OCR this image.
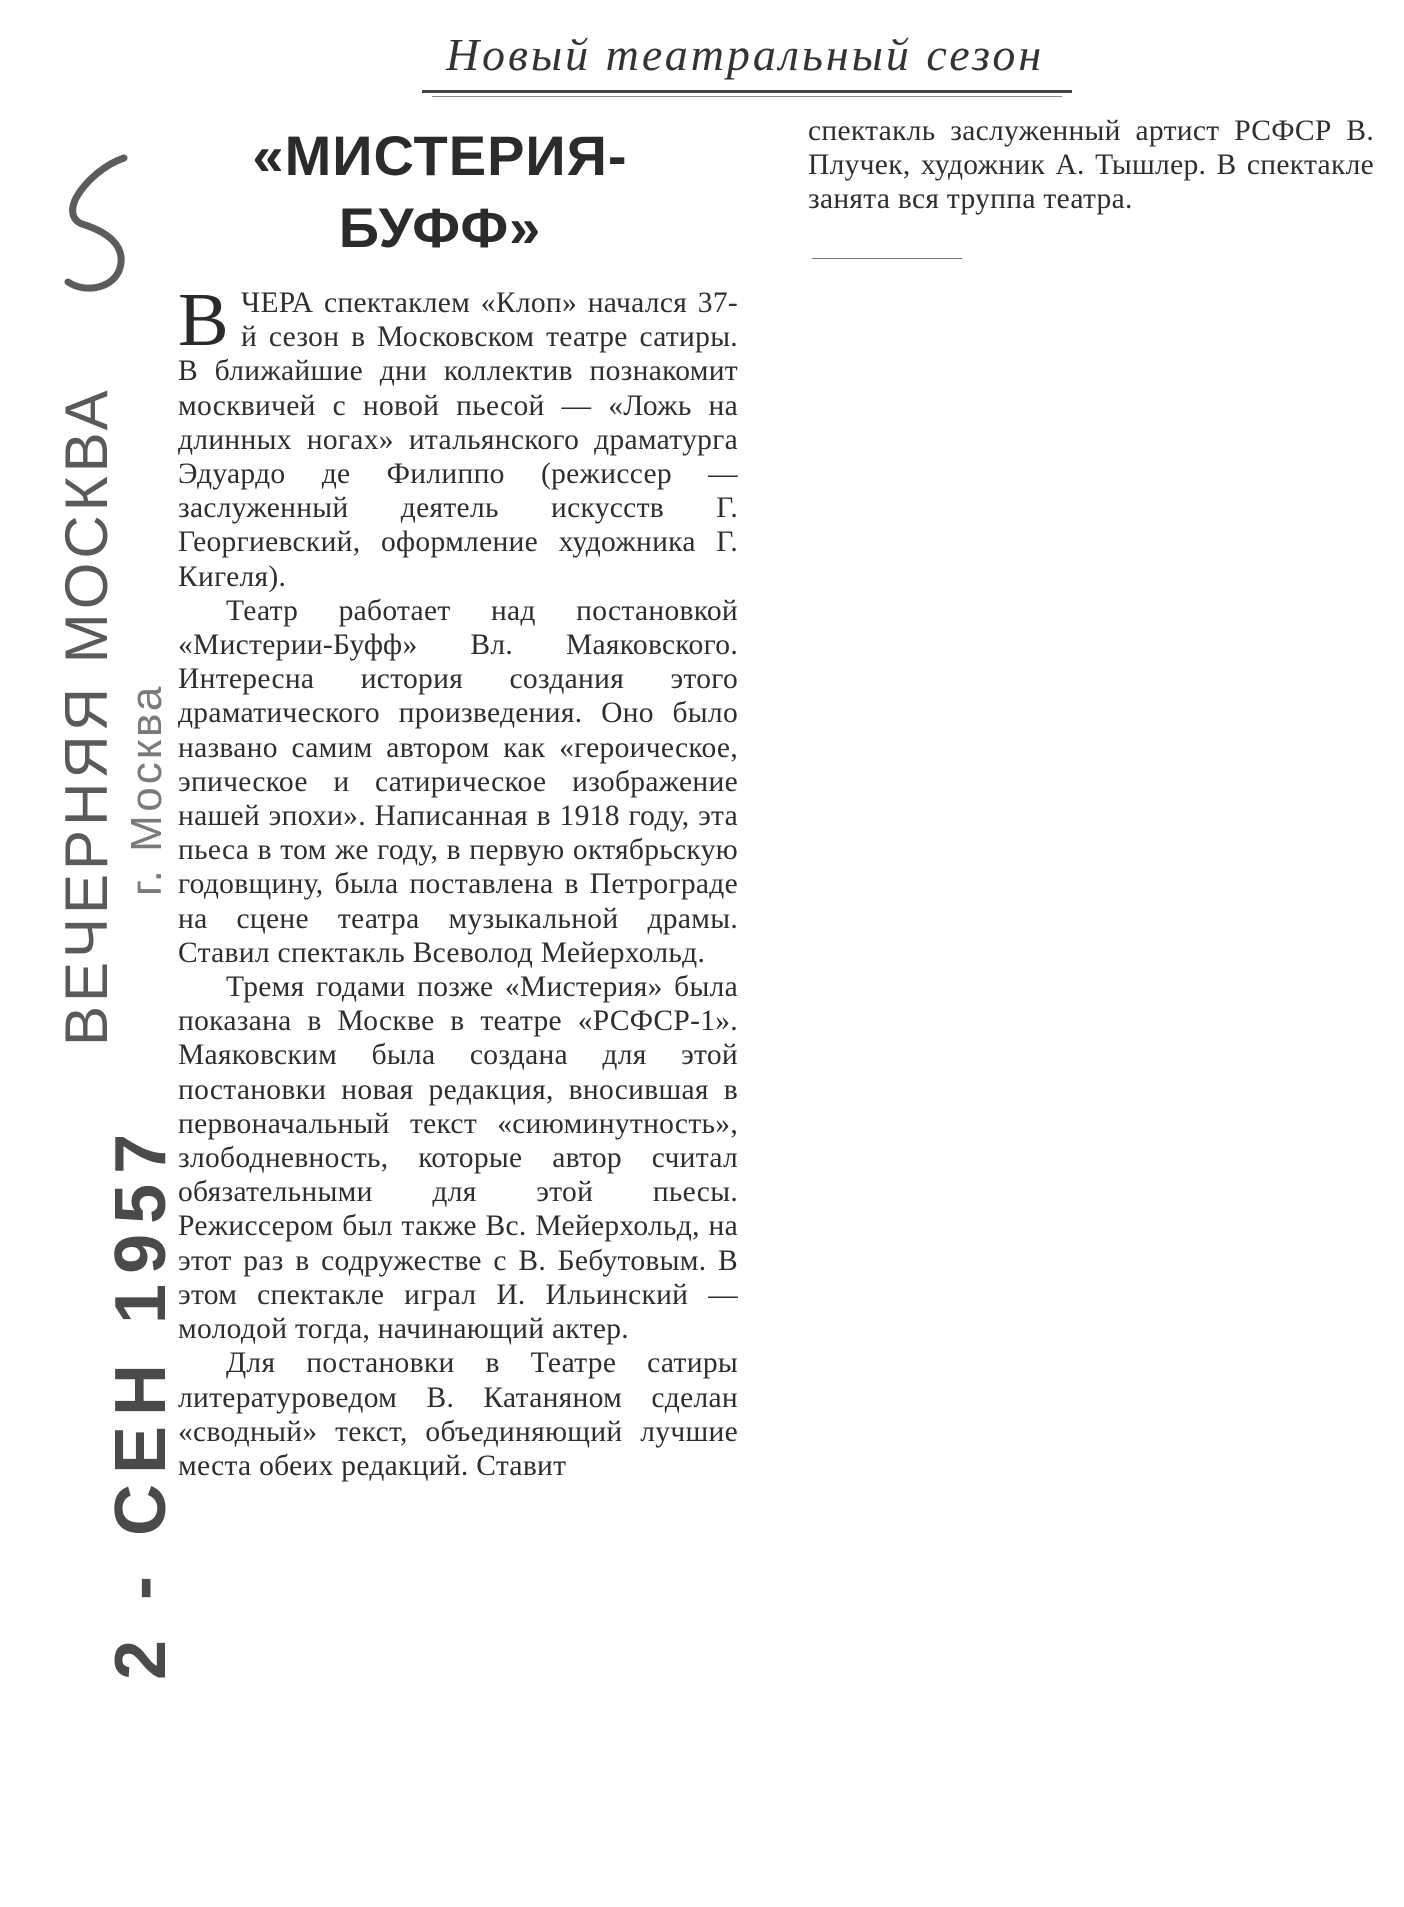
Новый театральный сезон
«МИСТЕРИЯ-
БУФФ»
ВЕЧЕРНЯЯ МОСКВА г. Москва
2 - СЕН 1957

ВЧЕРА спектаклем «Клоп» начался 37-й сезон в Московском театре сатиры. В ближайшие дни коллектив познакомит москвичей с новой пьесой — «Ложь на длинных ногах» итальянского драматурга Эдуардо де Филиппо (режиссер — заслуженный деятель искусств Г. Георгиевский, оформление художника Г. Кигеля).

Театр работает над постановкой «Мистерии-Буфф» Вл. Маяковского. Интересна история создания этого драматического произведения. Оно было названо самим автором как «героическое, эпическое и сатирическое изображение нашей эпохи». Написанная в 1918 году, эта пьеса в том же году, в первую октябрьскую годовщину, была поставлена в Петрограде на сцене театра музыкальной драмы. Ставил спектакль Всеволод Мейерхольд.

Тремя годами позже «Мистерия» была показана в Москве в театре «РСФСР-1». Маяковским была создана для этой постановки новая редакция, вносившая в первоначальный текст «сиюминутность», злободневность, которые автор считал обязательными для этой пьесы. Режиссером был также Вс. Мейерхольд, на этот раз в содружестве с В. Бебутовым. В этом спектакле играл И. Ильинский — молодой тогда, начинающий актер.

Для постановки в Театре сатиры литературоведом В. Катаняном сделан «сводный» текст, объединяющий лучшие места обеих редакций. Ставит

спектакль заслуженный артист РСФСР В. Плучек, художник А. Тышлер. В спектакле занята вся труппа театра.
